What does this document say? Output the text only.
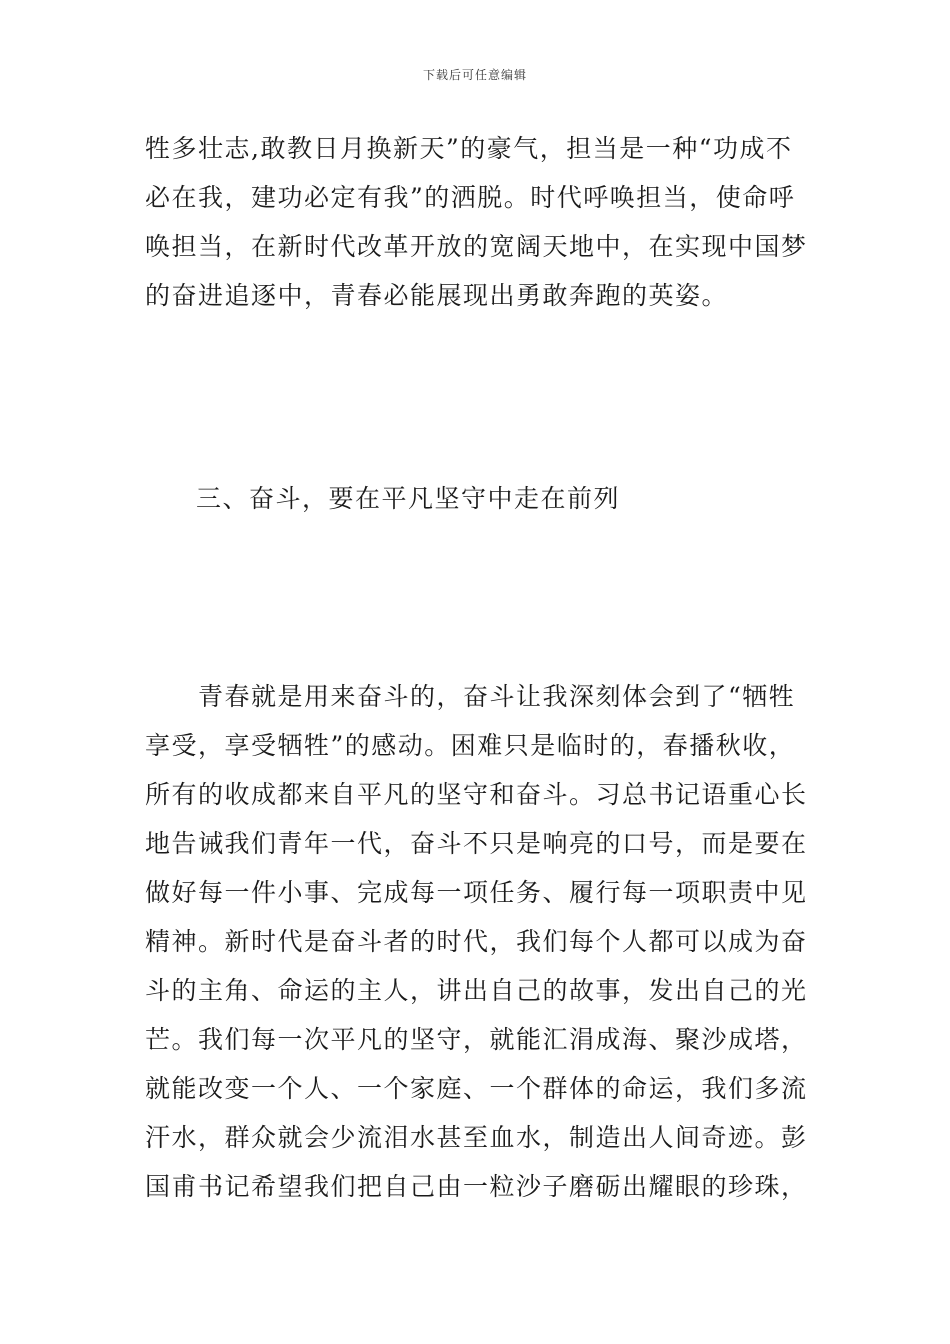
下载后可任意编辑
牲多壮志,敢教日月换新天”的豪气，担当是一种“功成不
必在我，建功必定有我”的洒脱。时代呼唤担当，使命呼
唤担当，在新时代改革开放的宽阔天地中，在实现中国梦
的奋进追逐中，青春必能展现出勇敢奔跑的英姿。
三、奋斗，要在平凡坚守中走在前列
　　青春就是用来奋斗的，奋斗让我深刻体会到了“牺牲
享受，享受牺牲”的感动。困难只是临时的，春播秋收，
所有的收成都来自平凡的坚守和奋斗。习总书记语重心长
地告诫我们青年一代，奋斗不只是响亮的口号，而是要在
做好每一件小事、完成每一项任务、履行每一项职责中见
精神。新时代是奋斗者的时代，我们每个人都可以成为奋
斗的主角、命运的主人，讲出自己的故事，发出自己的光
芒。我们每一次平凡的坚守，就能汇涓成海、聚沙成塔，
就能改变一个人、一个家庭、一个群体的命运，我们多流
汗水，群众就会少流泪水甚至血水，制造出人间奇迹。彭
国甫书记希望我们把自己由一粒沙子磨砺出耀眼的珍珠，
